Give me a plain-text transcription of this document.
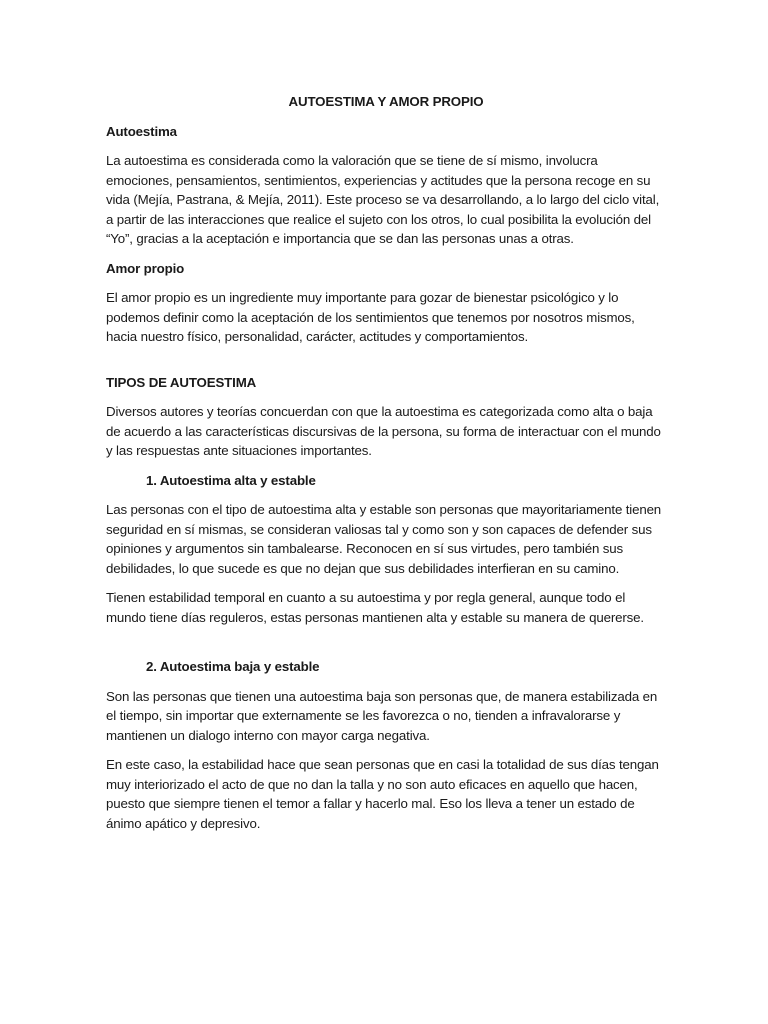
AUTOESTIMA Y AMOR PROPIO
Autoestima

La autoestima es considerada como la valoración que se tiene de sí mismo, involucra emociones, pensamientos, sentimientos, experiencias y actitudes que la persona recoge en su vida (Mejía, Pastrana, & Mejía, 2011). Este proceso se va desarrollando, a lo largo del ciclo vital, a partir de las interacciones que realice el sujeto con los otros, lo cual posibilita la evolución del “Yo”, gracias a la aceptación e importancia que se dan las personas unas a otras.

Amor propio

El amor propio es un ingrediente muy importante para gozar de bienestar psicológico y lo podemos definir como la aceptación de los sentimientos que tenemos por nosotros mismos, hacia nuestro físico, personalidad, carácter, actitudes y comportamientos.

TIPOS DE AUTOESTIMA

Diversos autores y teorías concuerdan con que la autoestima es categorizada como alta o baja de acuerdo a las características discursivas de la persona, su forma de interactuar con el mundo y las respuestas ante situaciones importantes.

1. Autoestima alta y estable

Las personas con el tipo de autoestima alta y estable son personas que mayoritariamente tienen seguridad en sí mismas, se consideran valiosas tal y como son y son capaces de defender sus opiniones y argumentos sin tambalearse. Reconocen en sí sus virtudes, pero también sus debilidades, lo que sucede es que no dejan que sus debilidades interfieran en su camino.

Tienen estabilidad temporal en cuanto a su autoestima y por regla general, aunque todo el mundo tiene días reguleros, estas personas mantienen alta y estable su manera de quererse.

2. Autoestima baja y estable

Son las personas que tienen una autoestima baja son personas que, de manera estabilizada en el tiempo, sin importar que externamente se les favorezca o no, tienden a infravalorarse y mantienen un dialogo interno con mayor carga negativa.

En este caso, la estabilidad hace que sean personas que en casi la totalidad de sus días tengan muy interiorizado el acto de que no dan la talla y no son auto eficaces en aquello que hacen, puesto que siempre tienen el temor a fallar y hacerlo mal. Eso los lleva a tener un estado de ánimo apático y depresivo.
